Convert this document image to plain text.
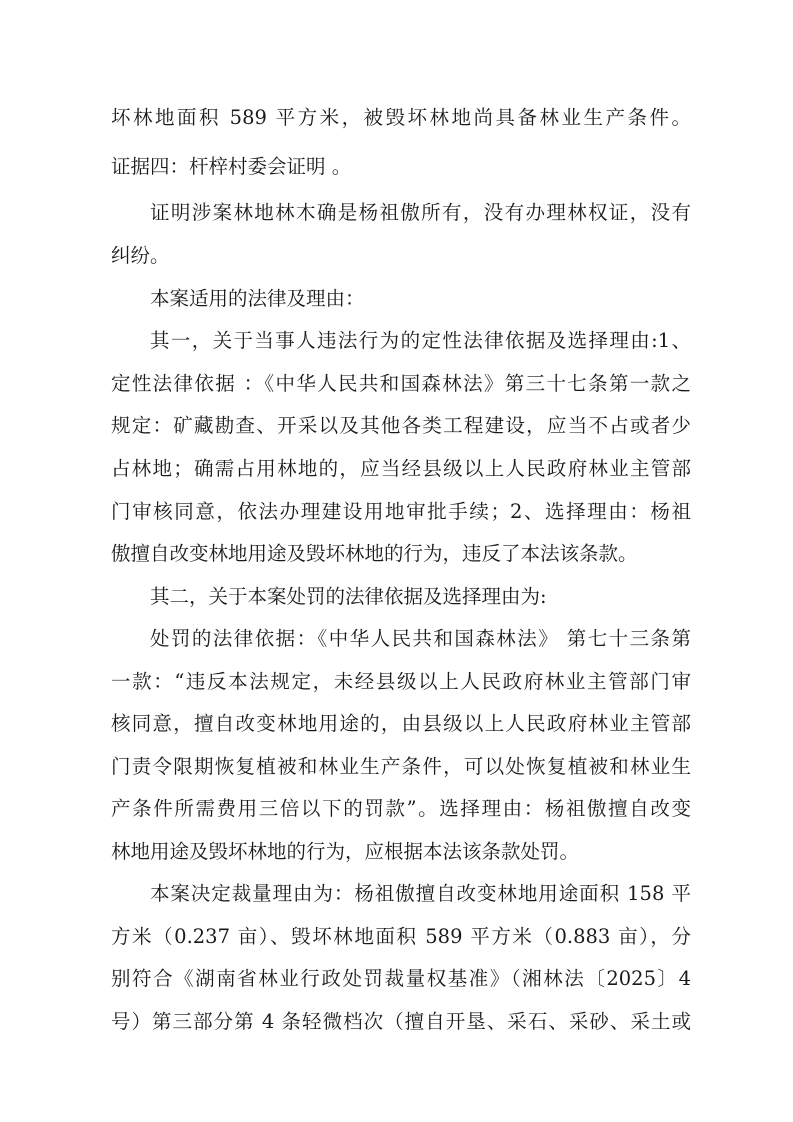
坏林地面积 589 平方米，被毁坏林地尚具备林业生产条件。
证据四：杆梓村委会证明 。
证明涉案林地林木确是杨祖傲所有，没有办理林权证，没有
纠纷。
本案适用的法律及理由：
其一，关于当事人违法行为的定性法律依据及选择理由:1、
定性法律依据 ：《中华人民共和国森林法》第三十七条第一款之
规定：矿藏勘查、开采以及其他各类工程建设，应当不占或者少
占林地；确需占用林地的，应当经县级以上人民政府林业主管部
门审核同意，依法办理建设用地审批手续；2、选择理由：杨祖
傲擅自改变林地用途及毁坏林地的行为，违反了本法该条款。
其二，关于本案处罚的法律依据及选择理由为:
处罚的法律依据：《中华人民共和国森林法》 第七十三条第
一款：“违反本法规定，未经县级以上人民政府林业主管部门审
核同意，擅自改变林地用途的，由县级以上人民政府林业主管部
门责令限期恢复植被和林业生产条件，可以处恢复植被和林业生
产条件所需费用三倍以下的罚款”。选择理由：杨祖傲擅自改变
林地用途及毁坏林地的行为，应根据本法该条款处罚。
本案决定裁量理由为：杨祖傲擅自改变林地用途面积 158 平
方米（0.237 亩）、毁坏林地面积 589 平方米（0.883 亩），分
别符合《湖南省林业行政处罚裁量权基准》（湘林法〔2025〕4
号）第三部分第 4 条轻微档次（擅自开垦、采石、采砂、采土或
